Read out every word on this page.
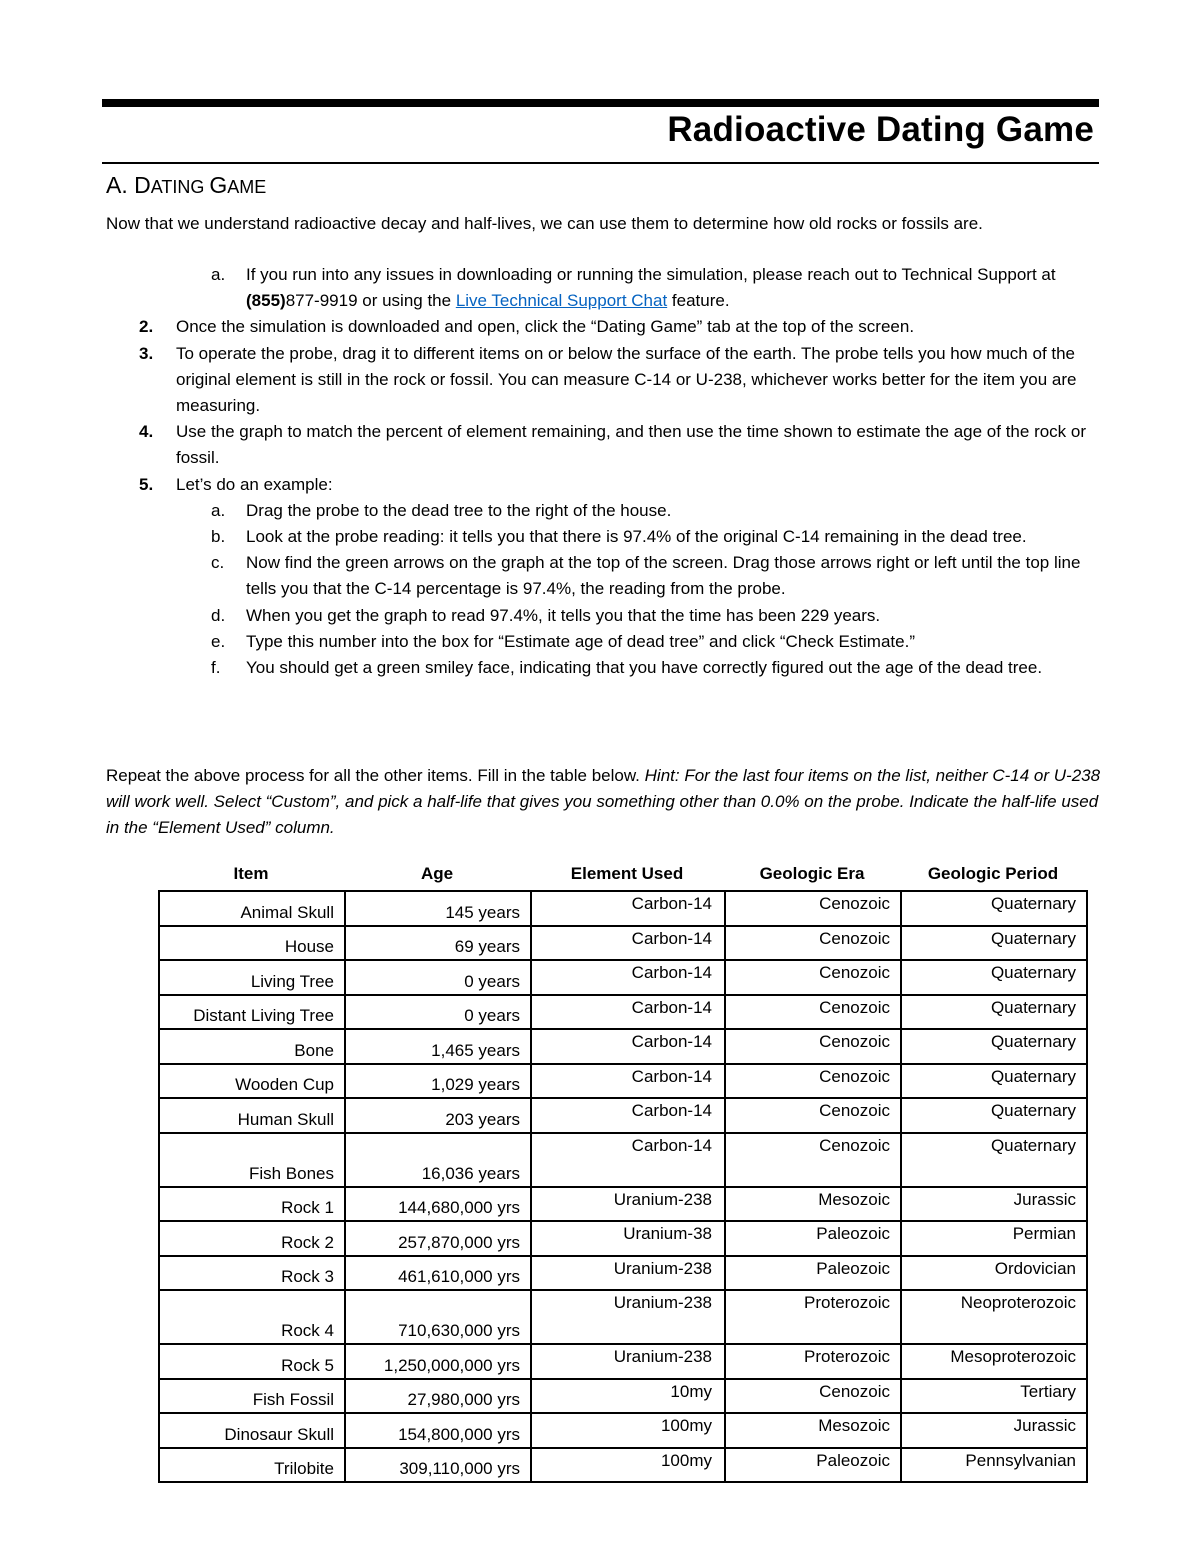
Radioactive Dating Game
A. DATING GAME
Now that we understand radioactive decay and half-lives, we can use them to determine how old rocks or fossils are.
a. If you run into any issues in downloading or running the simulation, please reach out to Technical Support at (855)877-9919 or using the Live Technical Support Chat feature.
2. Once the simulation is downloaded and open, click the “Dating Game” tab at the top of the screen.
3. To operate the probe, drag it to different items on or below the surface of the earth. The probe tells you how much of the original element is still in the rock or fossil. You can measure C-14 or U-238, whichever works better for the item you are measuring.
4. Use the graph to match the percent of element remaining, and then use the time shown to estimate the age of the rock or fossil.
5. Let’s do an example:
a. Drag the probe to the dead tree to the right of the house.
b. Look at the probe reading: it tells you that there is 97.4% of the original C-14 remaining in the dead tree.
c. Now find the green arrows on the graph at the top of the screen. Drag those arrows right or left until the top line tells you that the C-14 percentage is 97.4%, the reading from the probe.
d. When you get the graph to read 97.4%, it tells you that the time has been 229 years.
e. Type this number into the box for “Estimate age of dead tree” and click “Check Estimate.”
f. You should get a green smiley face, indicating that you have correctly figured out the age of the dead tree.
Repeat the above process for all the other items. Fill in the table below. Hint: For the last four items on the list, neither C-14 or U-238 will work well. Select “Custom”, and pick a half-life that gives you something other than 0.0% on the probe. Indicate the half-life used in the “Element Used” column.
Item	Age	Element Used	Geologic Era	Geologic Period
Animal Skull	145 years	Carbon-14	Cenozoic	Quaternary
House	69 years	Carbon-14	Cenozoic	Quaternary
Living Tree	0 years	Carbon-14	Cenozoic	Quaternary
Distant Living Tree	0 years	Carbon-14	Cenozoic	Quaternary
Bone	1,465 years	Carbon-14	Cenozoic	Quaternary
Wooden Cup	1,029 years	Carbon-14	Cenozoic	Quaternary
Human Skull	203 years	Carbon-14	Cenozoic	Quaternary
Fish Bones	16,036 years	Carbon-14	Cenozoic	Quaternary
Rock 1	144,680,000 yrs	Uranium-238	Mesozoic	Jurassic
Rock 2	257,870,000 yrs	Uranium-38	Paleozoic	Permian
Rock 3	461,610,000 yrs	Uranium-238	Paleozoic	Ordovician
Rock 4	710,630,000 yrs	Uranium-238	Proterozoic	Neoproterozoic
Rock 5	1,250,000,000 yrs	Uranium-238	Proterozoic	Mesoproterozoic
Fish Fossil	27,980,000 yrs	10my	Cenozoic	Tertiary
Dinosaur Skull	154,800,000 yrs	100my	Mesozoic	Jurassic
Trilobite	309,110,000 yrs	100my	Paleozoic	Pennsylvanian
